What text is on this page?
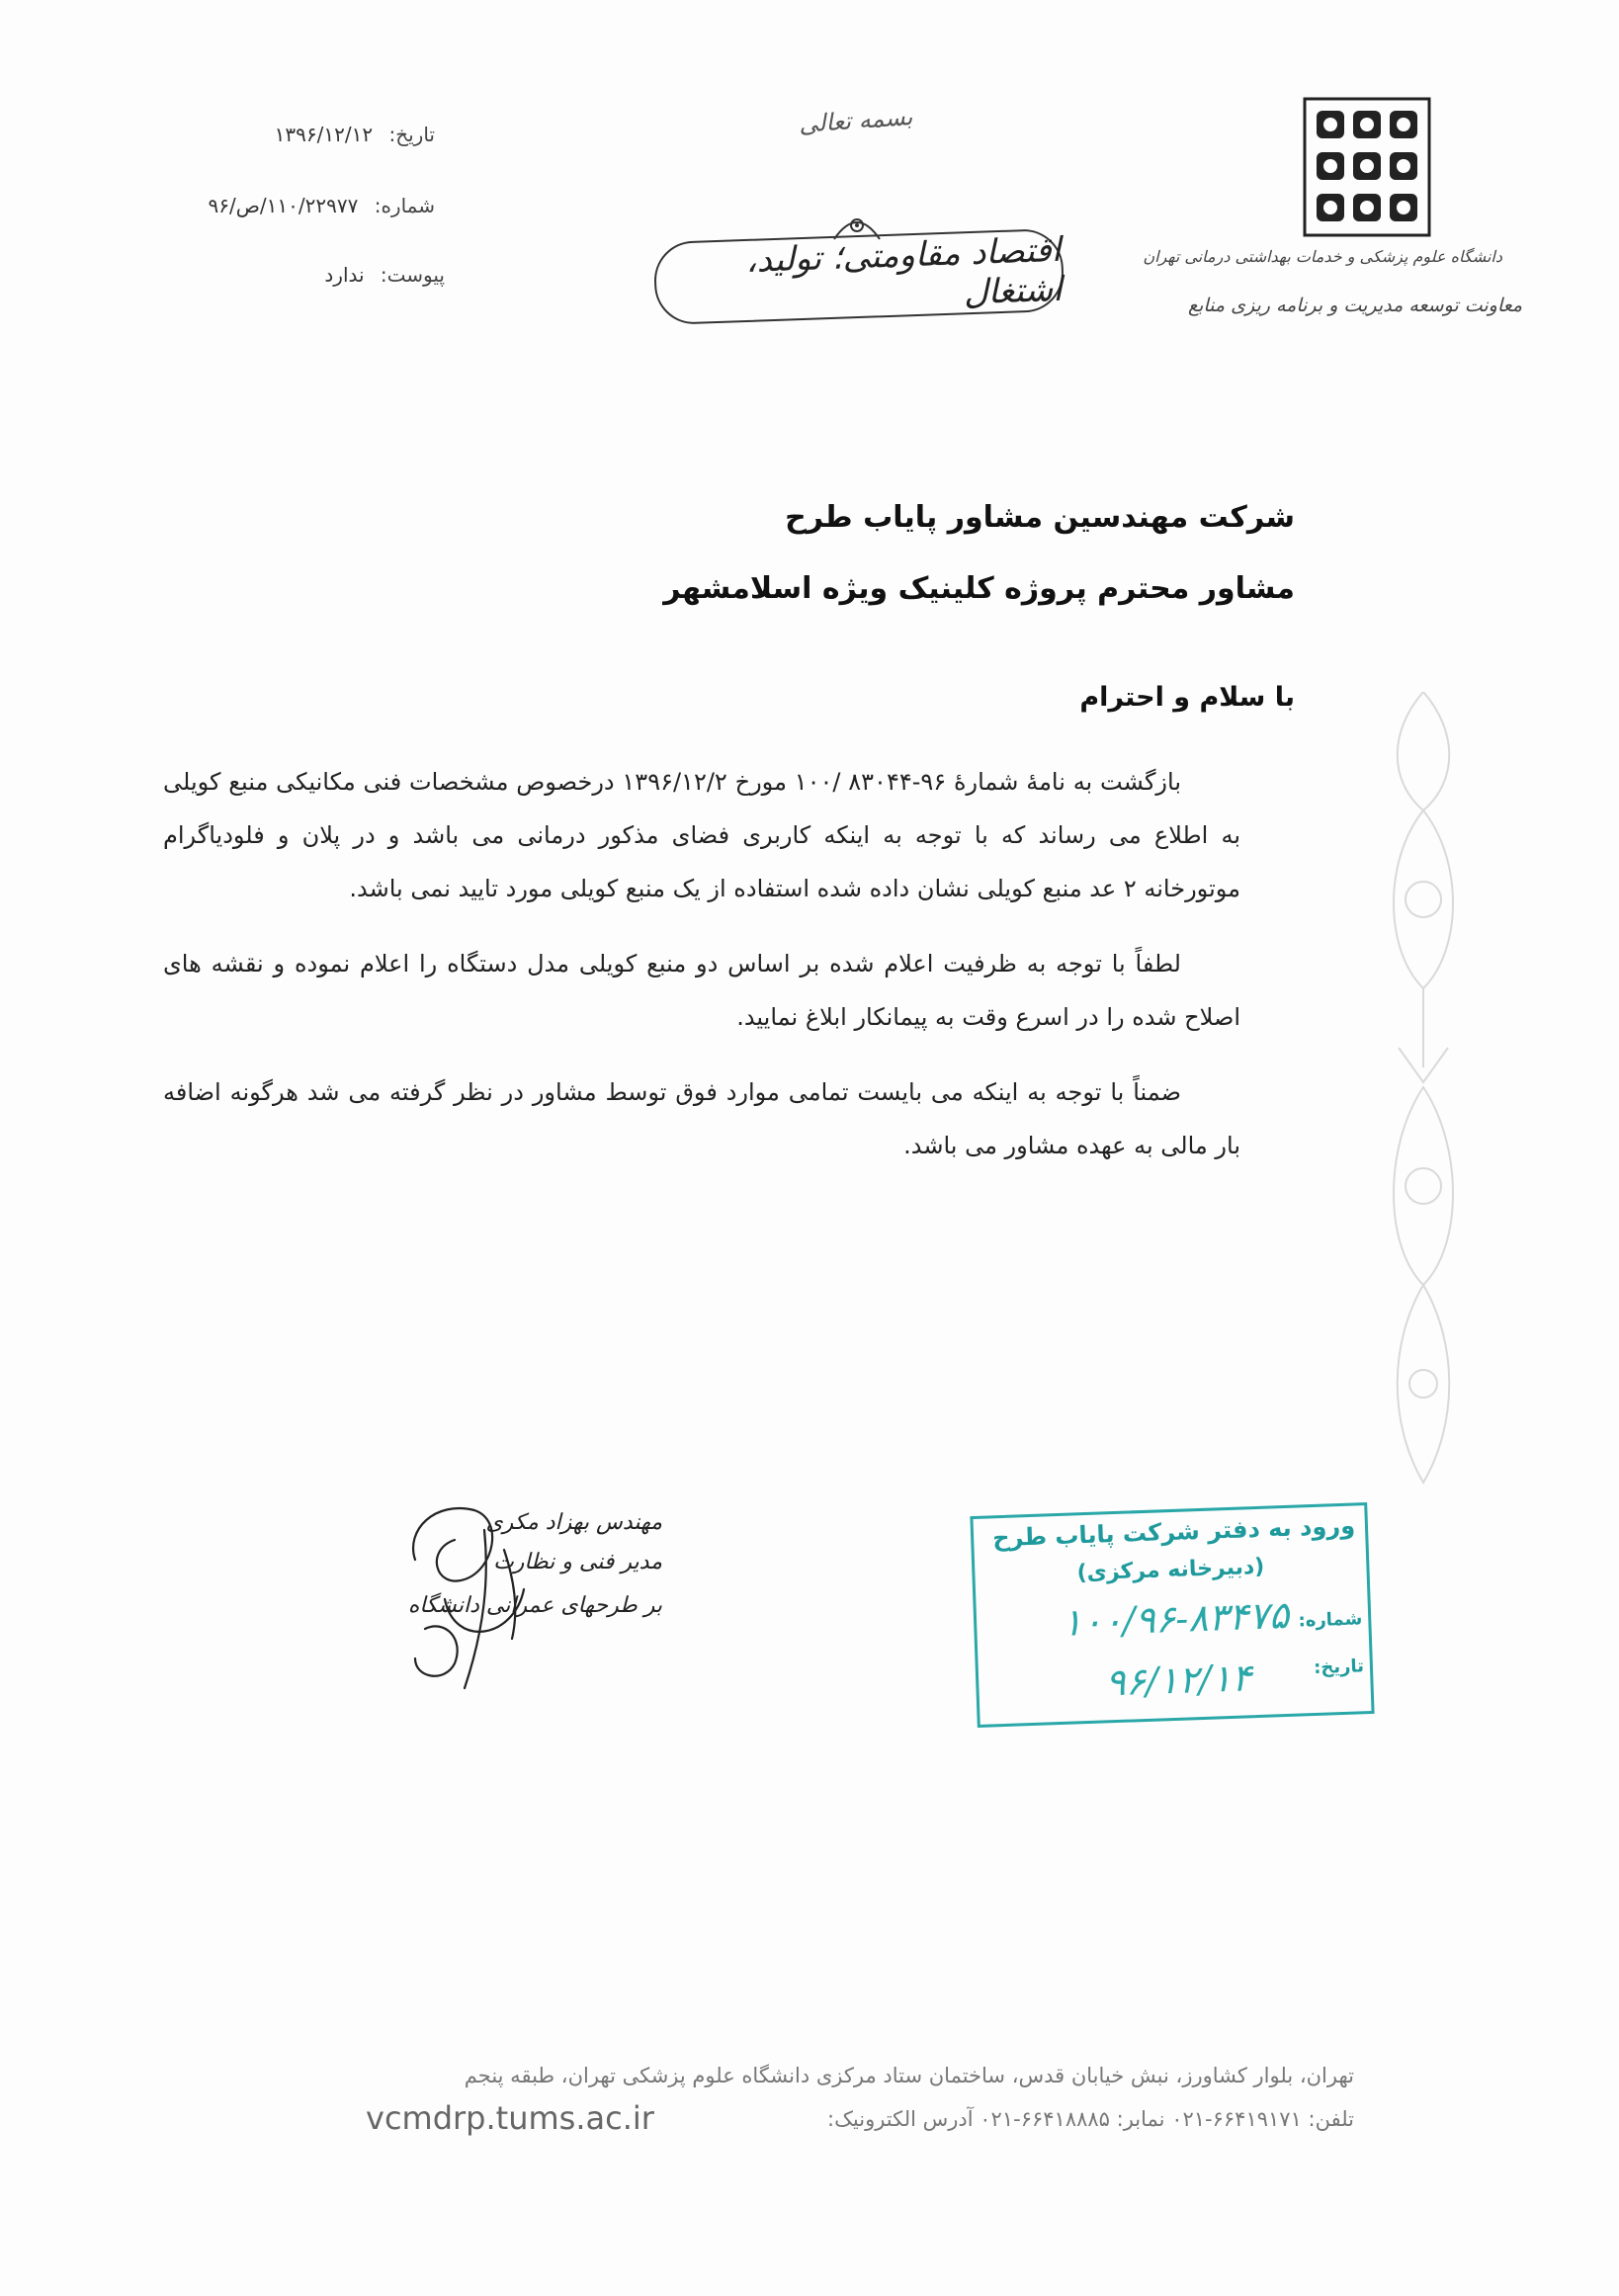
تاریخ: ۱۳۹۶/۱۲/۱۲
شماره: ۱۱۰/۲۲۹۷۷/ص/۹۶
پیوست: ندارد
بسمه تعالی
اقتصاد مقاومتی؛ تولید، اشتغال
دانشگاه علوم پزشکی و خدمات بهداشتی درمانی تهران
معاونت توسعه مدیریت و برنامه ریزی منابع
شرکت مهندسین مشاور پایاب طرح
مشاور محترم پروژه کلینیک ویژه اسلامشهر
با سلام و احترام

بازگشت به نامۀ شمارۀ ۹۶-۸۳۰۴۴ /۱۰۰ مورخ ۱۳۹۶/۱۲/۲ درخصوص مشخصات فنی مکانیکی منبع کویلی به اطلاع می رساند که با توجه به اینکه کاربری فضای مذکور درمانی می باشد و در پلان و فلودیاگرام موتورخانه ۲ عد منبع کویلی نشان داده شده استفاده از یک منبع کویلی مورد تایید نمی باشد.

لطفاً با توجه به ظرفیت اعلام شده بر اساس دو منبع کویلی مدل دستگاه را اعلام نموده و نقشه های اصلاح شده را در اسرع وقت به پیمانکار ابلاغ نمایید.

ضمناً با توجه به اینکه می بایست تمامی موارد فوق توسط مشاور در نظر گرفته می شد هرگونه اضافه بار مالی به عهده مشاور می باشد.

مهندس بهزاد مکری
مدیر فنی و نظارت
بر طرحهای عمرانی دانشگاه
ورود به دفتر شرکت پایاب طرح
(دبیرخانه مرکزی)
شماره:
۱۰۰/۹۶-۸۳۴۷۵
تاریخ:
۹۶/۱۲/۱۴
تهران، بلوار کشاورز، نبش خیابان قدس، ساختمان ستاد مرکزی دانشگاه علوم پزشکی تهران، طبقه پنجم
تلفن: ۶۶۴۱۹۱۷۱-۰۲۱ نمابر: ۶۶۴۱۸۸۸۵-۰۲۱ آدرس الکترونیک:
vcmdrp.tums.ac.ir
